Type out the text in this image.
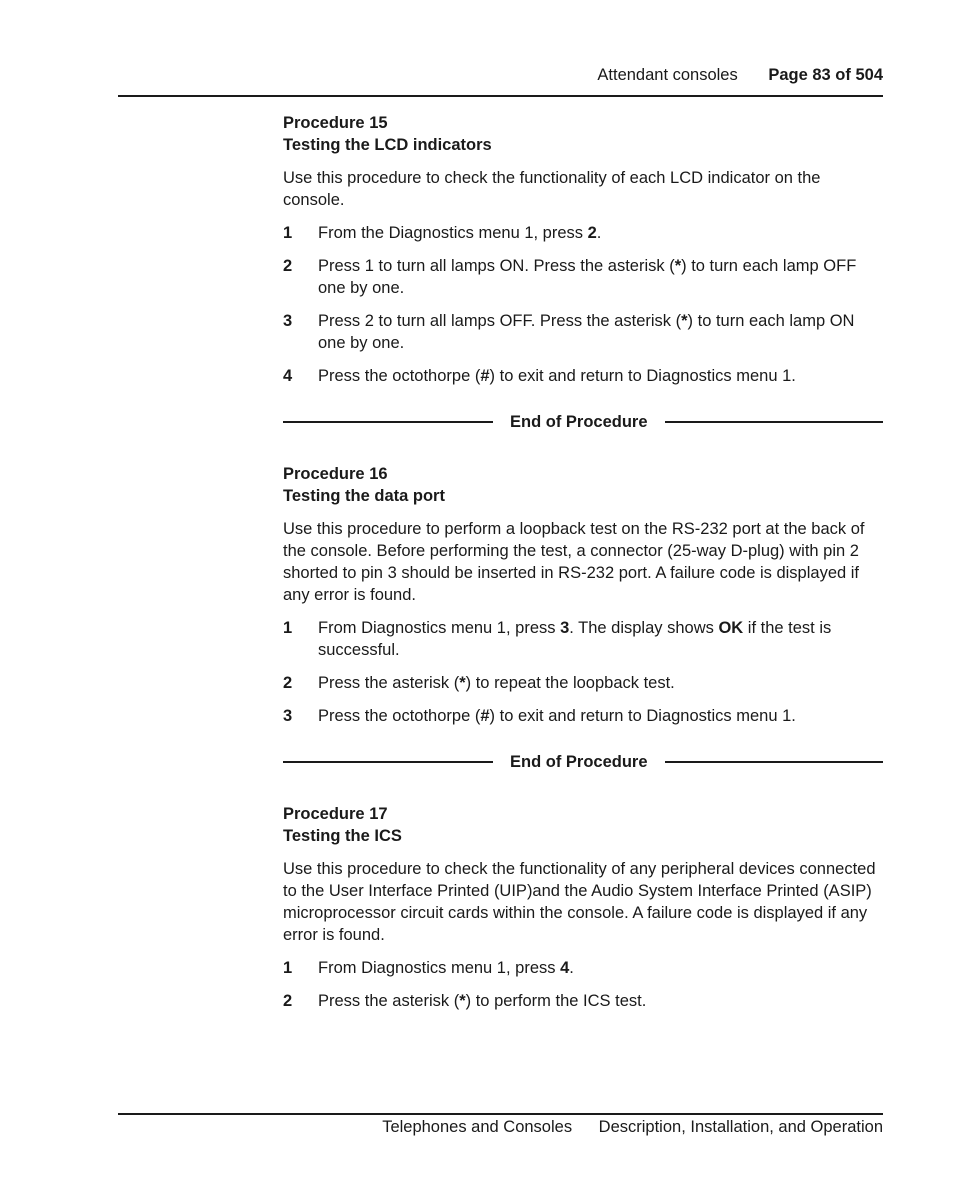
Attendant consoles Page 83 of 504

Procedure 15

Testing the LCD indicators

Use this procedure to check the functionality of each LCD indicator on the console.

1	From the Diagnostics menu 1, press 2.
2	Press 1 to turn all lamps ON. Press the asterisk (*) to turn each lamp OFF one by one.
3	Press 2 to turn all lamps OFF. Press the asterisk (*) to turn each lamp ON one by one.
4	Press the octothorpe (#) to exit and return to Diagnostics menu 1.
End of Procedure

Procedure 16

Testing the data port

Use this procedure to perform a loopback test on the RS-232 port at the back of the console. Before performing the test, a connector (25-way D-plug) with pin 2 shorted to pin 3 should be inserted in RS-232 port. A failure code is displayed if any error is found.

1	From Diagnostics menu 1, press 3. The display shows OK if the test is successful.
2	Press the asterisk (*) to repeat the loopback test.
3	Press the octothorpe (#) to exit and return to Diagnostics menu 1.
End of Procedure

Procedure 17

Testing the ICS

Use this procedure to check the functionality of any peripheral devices connected to the User Interface Printed (UIP)and the Audio System Interface Printed (ASIP) microprocessor circuit cards within the console. A failure code is displayed if any error is found.

1	From Diagnostics menu 1, press 4.
2	Press the asterisk (*) to perform the ICS test.
Telephones and Consoles Description, Installation, and Operation
